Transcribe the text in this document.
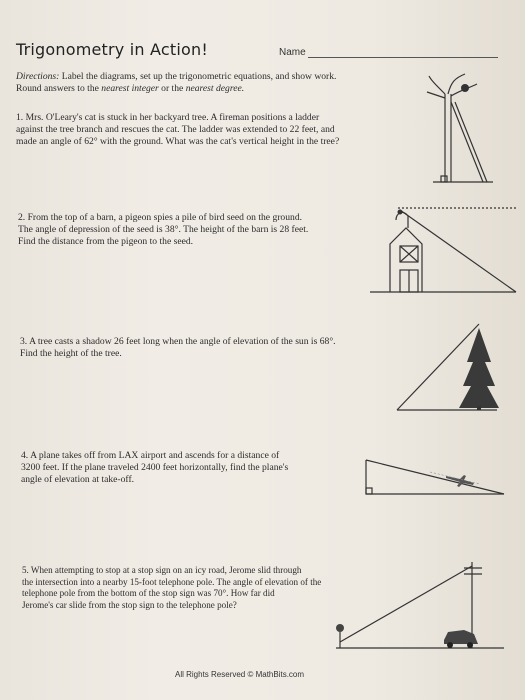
Trigonometry in Action!	Name
Directions: Label the diagrams, set up the trigonometric equations, and show work.
Round answers to the nearest integer or the nearest degree.
1. Mrs. O'Leary's cat is stuck in her backyard tree. A fireman positions a ladder
against the tree branch and rescues the cat. The ladder was extended to 22 feet, and
made an angle of 62° with the ground. What was the cat's vertical height in the tree?
2. From the top of a barn, a pigeon spies a pile of bird seed on the ground.
The angle of depression of the seed is 38°. The height of the barn is 28 feet.
Find the distance from the pigeon to the seed.
3. A tree casts a shadow 26 feet long when the angle of elevation of the sun is 68°.
Find the height of the tree.
4. A plane takes off from LAX airport and ascends for a distance of
3200 feet. If the plane traveled 2400 feet horizontally, find the plane's
angle of elevation at take-off.
5. When attempting to stop at a stop sign on an icy road, Jerome slid through
the intersection into a nearby 15-foot telephone pole. The angle of elevation of the
telephone pole from the bottom of the stop sign was 70°. How far did
Jerome's car slide from the stop sign to the telephone pole?
All Rights Reserved © MathBits.com
